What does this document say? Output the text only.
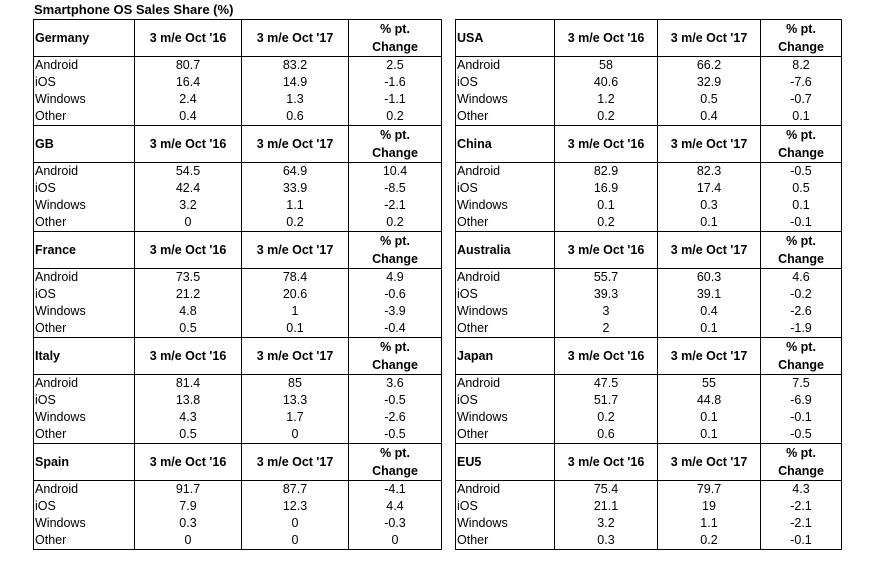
Smartphone OS Sales Share (%)
Germany	3 m/e Oct '16	3 m/e Oct '17	% pt.
Change
Android	80.7	83.2	2.5
iOS	16.4	14.9	-1.6
Windows	2.4	1.3	-1.1
Other	0.4	0.6	0.2
GB	3 m/e Oct '16	3 m/e Oct '17	% pt.
Change
Android	54.5	64.9	10.4
iOS	42.4	33.9	-8.5
Windows	3.2	1.1	-2.1
Other	0	0.2	0.2
France	3 m/e Oct '16	3 m/e Oct '17	% pt.
Change
Android	73.5	78.4	4.9
iOS	21.2	20.6	-0.6
Windows	4.8	1	-3.9
Other	0.5	0.1	-0.4
Italy	3 m/e Oct '16	3 m/e Oct '17	% pt.
Change
Android	81.4	85	3.6
iOS	13.8	13.3	-0.5
Windows	4.3	1.7	-2.6
Other	0.5	0	-0.5
Spain	3 m/e Oct '16	3 m/e Oct '17	% pt.
Change
Android	91.7	87.7	-4.1
iOS	7.9	12.3	4.4
Windows	0.3	0	-0.3
Other	0	0	0
USA	3 m/e Oct '16	3 m/e Oct '17	% pt.
Change
Android	58	66.2	8.2
iOS	40.6	32.9	-7.6
Windows	1.2	0.5	-0.7
Other	0.2	0.4	0.1
China	3 m/e Oct '16	3 m/e Oct '17	% pt.
Change
Android	82.9	82.3	-0.5
iOS	16.9	17.4	0.5
Windows	0.1	0.3	0.1
Other	0.2	0.1	-0.1
Australia	3 m/e Oct '16	3 m/e Oct '17	% pt.
Change
Android	55.7	60.3	4.6
iOS	39.3	39.1	-0.2
Windows	3	0.4	-2.6
Other	2	0.1	-1.9
Japan	3 m/e Oct '16	3 m/e Oct '17	% pt.
Change
Android	47.5	55	7.5
iOS	51.7	44.8	-6.9
Windows	0.2	0.1	-0.1
Other	0.6	0.1	-0.5
EU5	3 m/e Oct '16	3 m/e Oct '17	% pt.
Change
Android	75.4	79.7	4.3
iOS	21.1	19	-2.1
Windows	3.2	1.1	-2.1
Other	0.3	0.2	-0.1
